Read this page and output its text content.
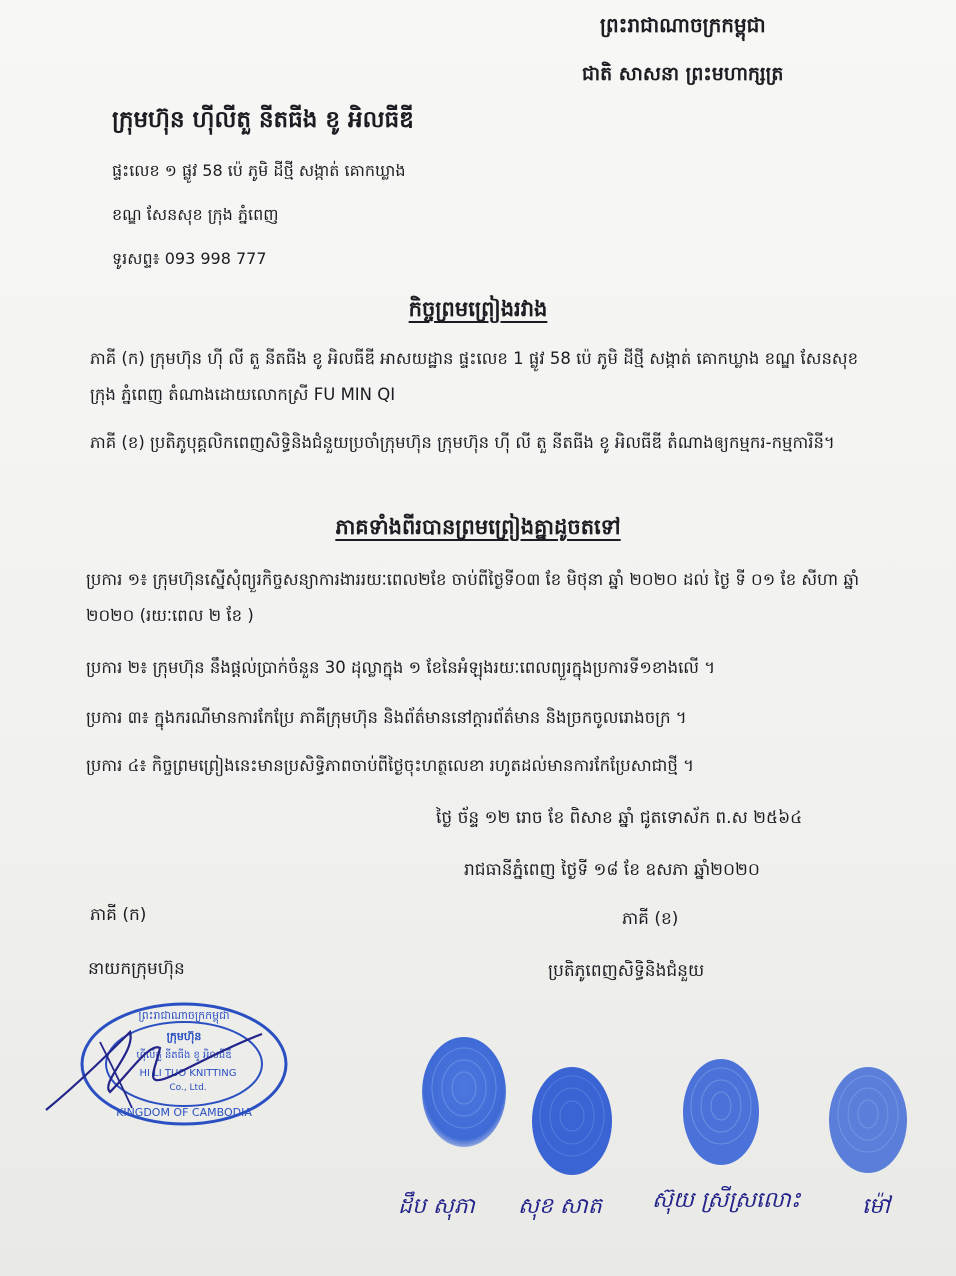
ព្រះរាជាណាចក្រកម្ពុជា
ជាតិ សាសនា ព្រះមហាក្សត្រ
ក្រុមហ៊ុន ហ៊ីលីតួ នីតធីង ខូ អិលធីឌី
ផ្ទះលេខ ១ ផ្លូវ 58 ប៉េ ភូមិ ដីថ្មី សង្កាត់ គោកឃ្លាង
ខណ្ឌ សែនសុខ ក្រុង ភ្នំពេញ
ទូរសព្ទ៖ 093 998 777
កិច្ចព្រមព្រៀងរវាង
ភាគី (ក) ក្រុមហ៊ុន ហ៊ី លី តួ នីតធីង ខូ អិលធីឌី អាសយដ្ឋាន ផ្ទះលេខ 1 ផ្លូវ 58 ប៉េ ភូមិ ដីថ្មី សង្កាត់ គោកឃ្លាង ខណ្ឌ សែនសុខ ក្រុង ភ្នំពេញ តំណាងដោយលោកស្រី FU MIN QI
ភាគី (ខ) ប្រតិភូបុគ្គលិកពេញសិទ្ធិនិងជំនួយប្រចាំក្រុមហ៊ុន ក្រុមហ៊ុន ហ៊ី លី តួ នីតធីង ខូ អិលធីឌី តំណាងឲ្យកម្មករ-កម្មការិនី។
ភាគទាំងពីរបានព្រមព្រៀងគ្នាដូចតទៅ
ប្រការ ១៖ ក្រុមហ៊ុនស្នើសុំព្យួរកិច្ចសន្យាការងាររយៈពេល២ខែ ចាប់ពីថ្ងៃទី០៣ ខែ មិថុនា ឆ្នាំ ២០២០ ដល់ ថ្ងៃ ទី ០១ ខែ សីហា ឆ្នាំ ២០២០ (រយៈពេល ២ ខែ )
ប្រការ ២៖ ក្រុមហ៊ុន នឹងផ្តល់ប្រាក់ចំនួន 30 ដុល្លាក្នុង ១ ខែនៃអំឡុងរយៈពេលព្យួរក្នុងប្រការទី១ខាងលើ ។
ប្រការ ៣៖ ក្នុងករណីមានការកែប្រែ ភាគីក្រុមហ៊ុន និងព័ត៌មាននៅក្តារព័ត៌មាន និងច្រកចូលរោងចក្រ ។
ប្រការ ៤៖ កិច្ចព្រមព្រៀងនេះមានប្រសិទ្ធិភាពចាប់ពីថ្ងៃចុះហត្ថលេខា រហូតដល់មានការកែប្រែសាជាថ្មី ។
ថ្ងៃ ច័ន្ទ ១២ រោច ខែ ពិសាខ ឆ្នាំ ជូតទោស័ក ព.ស ២៥៦៤
រាជធានីភ្នំពេញ ថ្ងៃទី ១៨ ខែ ឧសភា ឆ្នាំ២០២០
ភាគី (ក)
នាយកក្រុមហ៊ុន
ភាគី (ខ)
ប្រតិភូពេញសិទ្ធិនិងជំនួយ
ព្រះរាជាណាចក្រកម្ពុជា
ក្រុមហ៊ុន
ហ៊ីលីតួ នីតធីង ខូ អិលធីឌី
HI LI TUO KNITTING
Co., Ltd.
KINGDOM OF CAMBODIA
ដឹប សុភា សុខ សាត ស៊ុយ ស្រីស្រលោះ	ម៉ៅ
